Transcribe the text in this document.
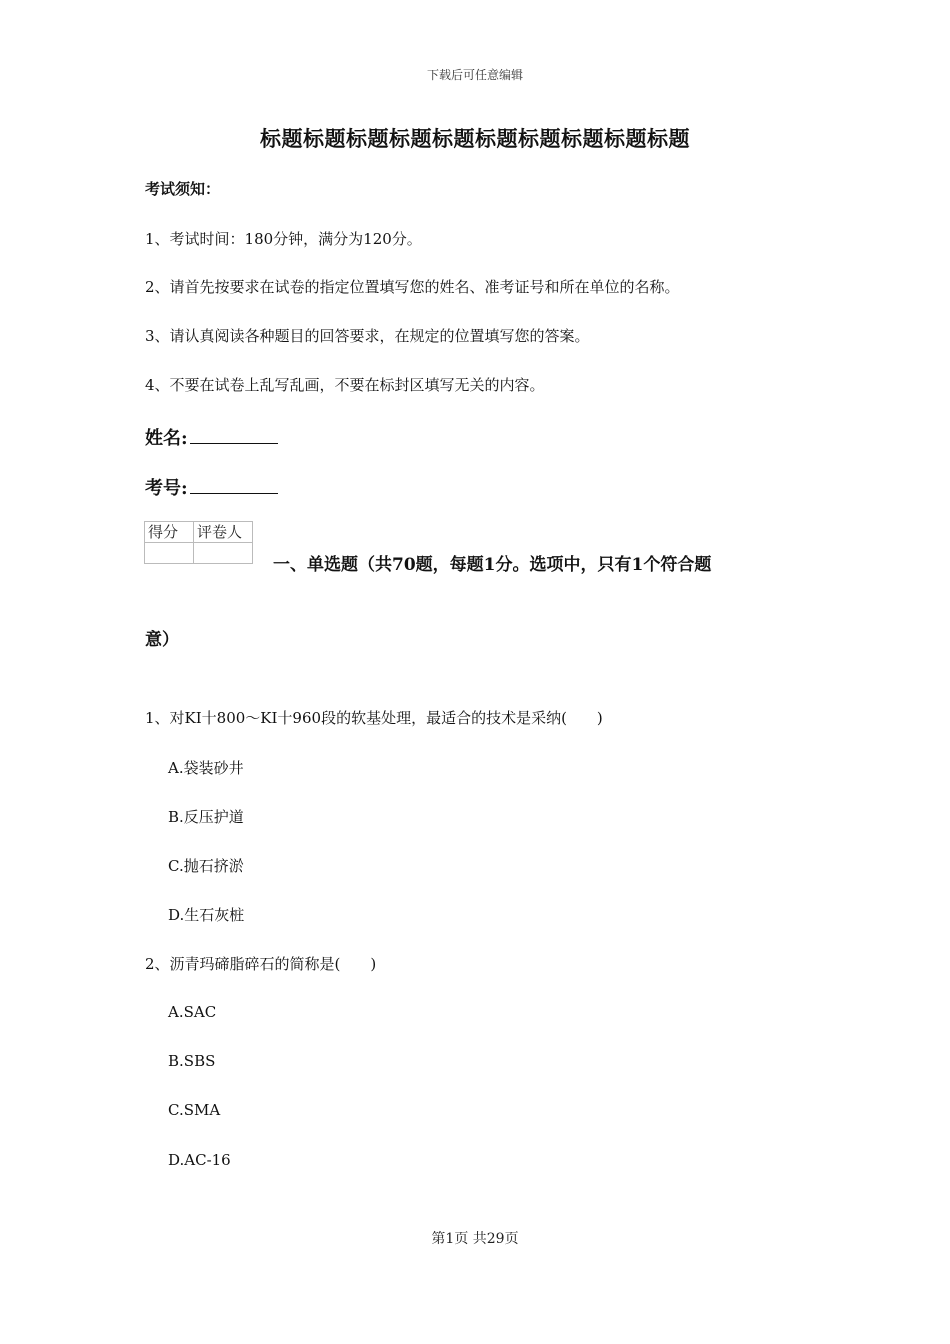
下载后可任意编辑
标题标题标题标题标题标题标题标题标题标题
考试须知：
1、考试时间：180分钟，满分为120分。
2、请首先按要求在试卷的指定位置填写您的姓名、准考证号和所在单位的名称。
3、请认真阅读各种题目的回答要求，在规定的位置填写您的答案。
4、不要在试卷上乱写乱画，不要在标封区填写无关的内容。
姓名:
考号:
得分	评卷人

一、单选题（共70题，每题1分。选项中，只有1个符合题
意）
1、对KI十800～KI十960段的软基处理，最适合的技术是采纳(　　)
A.袋装砂井
B.反压护道
C.抛石挤淤
D.生石灰桩
2、沥青玛碲脂碎石的简称是(　　)
A.SAC
B.SBS
C.SMA
D.AC-16
第1页 共29页
